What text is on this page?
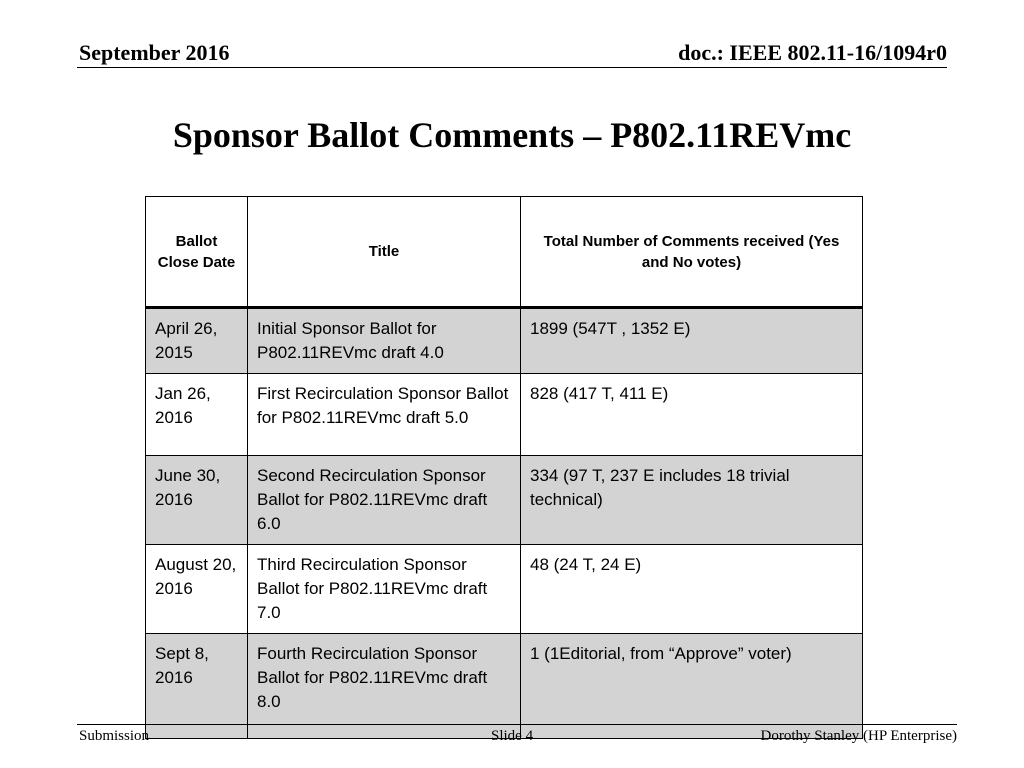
September 2016	doc.: IEEE 802.11-16/1094r0
Sponsor Ballot Comments – P802.11REVmc
Ballot Close Date	Title	Total Number of Comments received (Yes and No votes)
April 26, 2015	Initial Sponsor Ballot for P802.11REVmc draft 4.0	1899 (547T , 1352 E)
Jan 26, 2016	First Recirculation Sponsor Ballot for P802.11REVmc draft 5.0	828 (417 T, 411 E)
June 30, 2016	Second Recirculation Sponsor Ballot for P802.11REVmc draft 6.0	334 (97 T, 237 E includes 18 trivial technical)
August 20, 2016	Third Recirculation Sponsor Ballot for P802.11REVmc draft 7.0	48 (24 T, 24 E)
Sept 8, 2016	Fourth Recirculation Sponsor Ballot for P802.11REVmc draft 8.0	1 (1Editorial, from “Approve” voter)
Submission	Slide 4	Dorothy Stanley (HP Enterprise)
